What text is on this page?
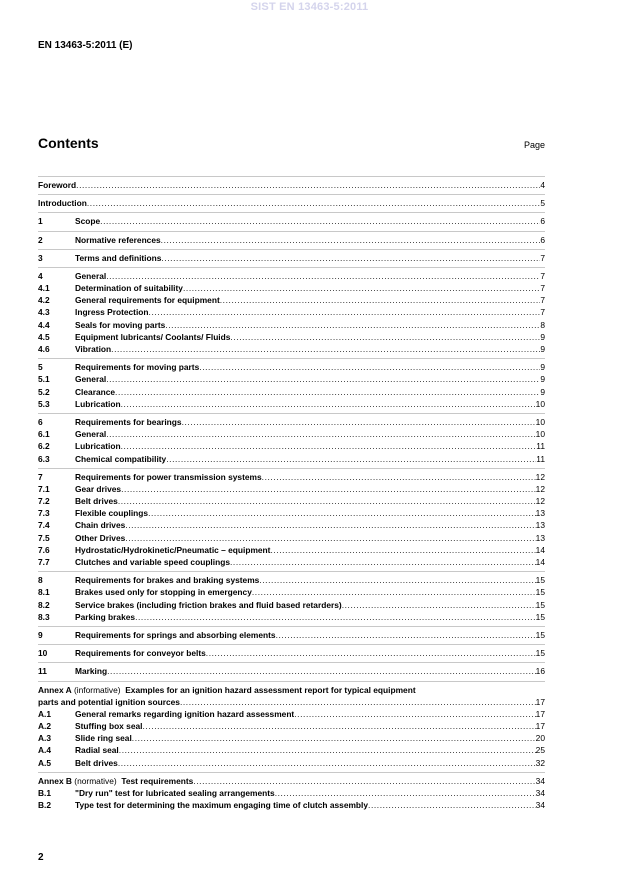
SIST EN 13463-5:2011
EN 13463-5:2011 (E)
Contents	Page
Foreword .....	4
Introduction .....	5
1	Scope .....	6
2	Normative references .....	6
3	Terms and definitions .....	7
4	General .....	7
4.1	Determination of suitability .....	7
4.2	General requirements for equipment .....	7
4.3	Ingress Protection .....	7
4.4	Seals for moving parts .....	8
4.5	Equipment lubricants/ Coolants/ Fluids .....	9
4.6	Vibration .....	9
5	Requirements for moving parts .....	9
5.1	General .....	9
5.2	Clearance .....	9
5.3	Lubrication .....	10
6	Requirements for bearings .....	10
6.1	General .....	10
6.2	Lubrication .....	11
6.3	Chemical compatibility .....	11
7	Requirements for power transmission systems .....	12
7.1	Gear drives .....	12
7.2	Belt drives .....	12
7.3	Flexible couplings .....	13
7.4	Chain drives .....	13
7.5	Other Drives .....	13
7.6	Hydrostatic/Hydrokinetic/Pneumatic – equipment .....	14
7.7	Clutches and variable speed couplings .....	14
8	Requirements for brakes and braking systems .....	15
8.1	Brakes used only for stopping in emergency .....	15
8.2	Service brakes (including friction brakes and fluid based retarders) .....	15
8.3	Parking brakes .....	15
9	Requirements for springs and absorbing elements .....	15
10	Requirements for conveyor belts .....	15
11	Marking .....	16
Annex A (informative) Examples for an ignition hazard assessment report for typical equipment
parts and potential ignition sources .....	17
A.1	General remarks regarding ignition hazard assessment .....	17
A.2	Stuffing box seal .....	17
A.3	Slide ring seal .....	20
A.4	Radial seal .....	25
A.5	Belt drives .....	32
Annex B (normative) Test requirements .....	34
B.1	"Dry run" test for lubricated sealing arrangements .....	34
B.2	Type test for determining the maximum engaging time of clutch assembly .....	34
2
